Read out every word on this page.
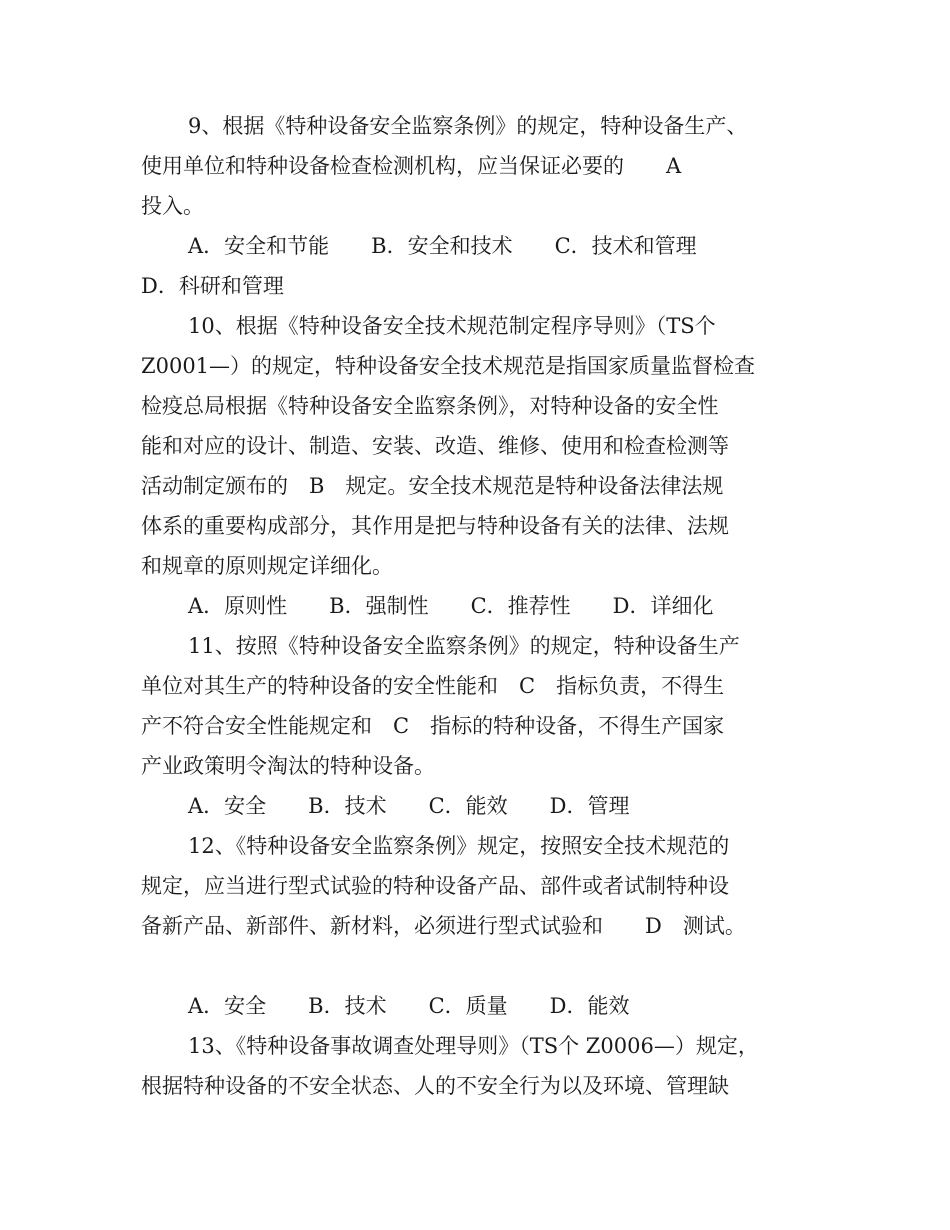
9、根据《特种设备安全监察条例》的规定，特种设备生产、
使用单位和特种设备检查检测机构，应当保证必要的　　A
投入。
A．安全和节能　　B．安全和技术　　C．技术和管理
D．科研和管理
10、根据《特种设备安全技术规范制定程序导则》（TS个
Z0001—）的规定，特种设备安全技术规范是指国家质量监督检查
检疫总局根据《特种设备安全监察条例》，对特种设备的安全性
能和对应的设计、制造、安装、改造、维修、使用和检查检测等
活动制定颁布的　B　规定。安全技术规范是特种设备法律法规
体系的重要构成部分，其作用是把与特种设备有关的法律、法规
和规章的原则规定详细化。
A．原则性　　B．强制性　　C．推荐性　　D．详细化
11、按照《特种设备安全监察条例》的规定，特种设备生产
单位对其生产的特种设备的安全性能和　C　指标负责，不得生
产不符合安全性能规定和　C　指标的特种设备，不得生产国家
产业政策明令淘汰的特种设备。
A．安全　　B．技术　　C．能效　　D．管理
12、《特种设备安全监察条例》规定，按照安全技术规范的
规定，应当进行型式试验的特种设备产品、部件或者试制特种设
备新产品、新部件、新材料，必须进行型式试验和　　D　测试。
A．安全　　B．技术　　C．质量　　D．能效
13、《特种设备事故调查处理导则》（TS个 Z0006—）规定，
根据特种设备的不安全状态、人的不安全行为以及环境、管理缺
